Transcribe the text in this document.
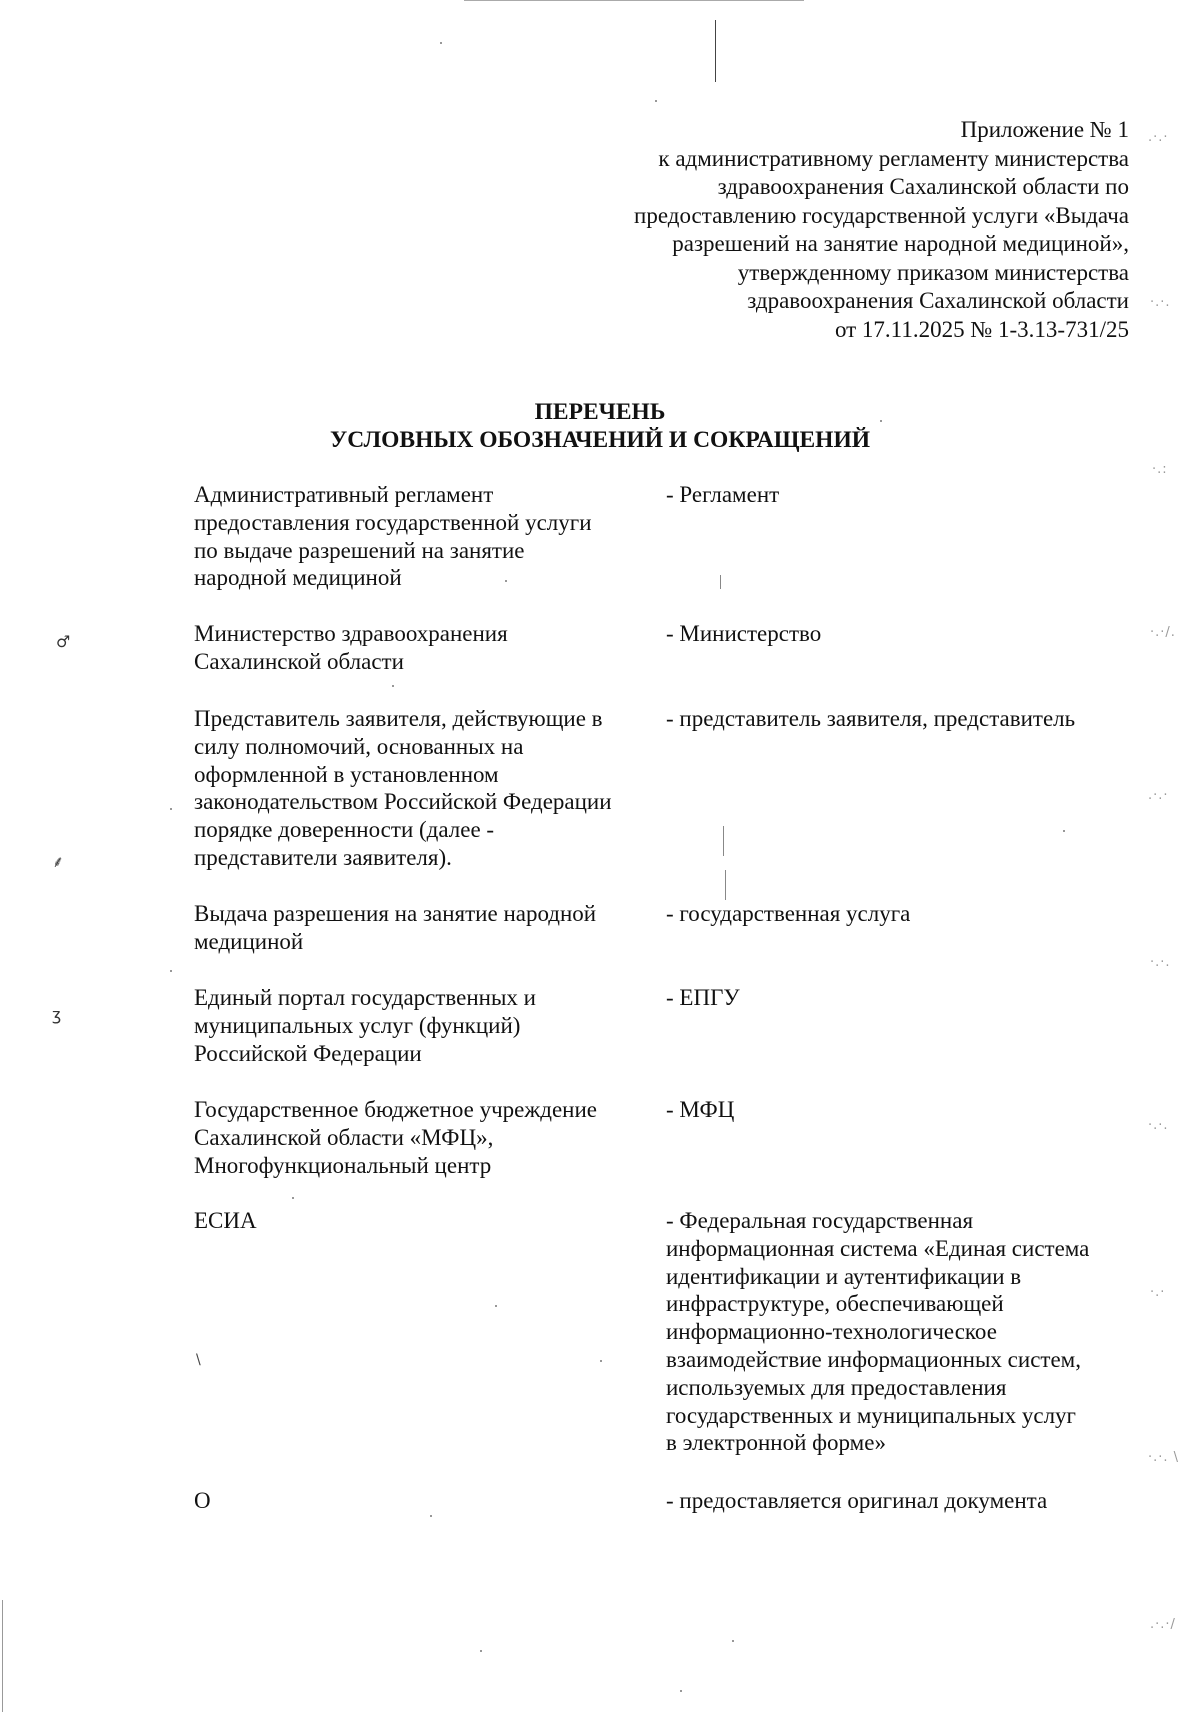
.·.·
·.·.
·.:
·.·/.
.·.·
·.·.
·.·.
·.·
·.·. \
.·.·/
♂
⸙
ʒ
\
Приложение № 1
к административному регламенту министерства
здравоохранения Сахалинской области по
предоставлению государственной услуги «Выдача
разрешений на занятие народной медициной»,
утвержденному приказом министерства
здравоохранения Сахалинской области
от 17.11.2025 № 1-3.13-731/25
ПЕРЕЧЕНЬ
УСЛОВНЫХ ОБОЗНАЧЕНИЙ И СОКРАЩЕНИЙ
Административный регламент
предоставления государственной услуги
по выдаче разрешений на занятие
народной медициной
- Регламент
Министерство здравоохранения
Сахалинской области
- Министерство
Представитель заявителя, действующие в
силу полномочий, основанных на
оформленной в установленном
законодательством Российской Федерации
порядке доверенности (далее -
представители заявителя).
- представитель заявителя, представитель
Выдача разрешения на занятие народной
медициной
- государственная услуга
Единый портал государственных и
муниципальных услуг (функций)
Российской Федерации
- ЕПГУ
Государственное бюджетное учреждение
Сахалинской области «МФЦ»,
Многофункциональный центр
- МФЦ
ЕСИА	- Федеральная государственная
информационная система «Единая система
идентификации и аутентификации в
инфраструктуре, обеспечивающей
информационно-технологическое
взаимодействие информационных систем,
используемых для предоставления
государственных и муниципальных услуг
в электронной форме»
О	- предоставляется оригинал документа
